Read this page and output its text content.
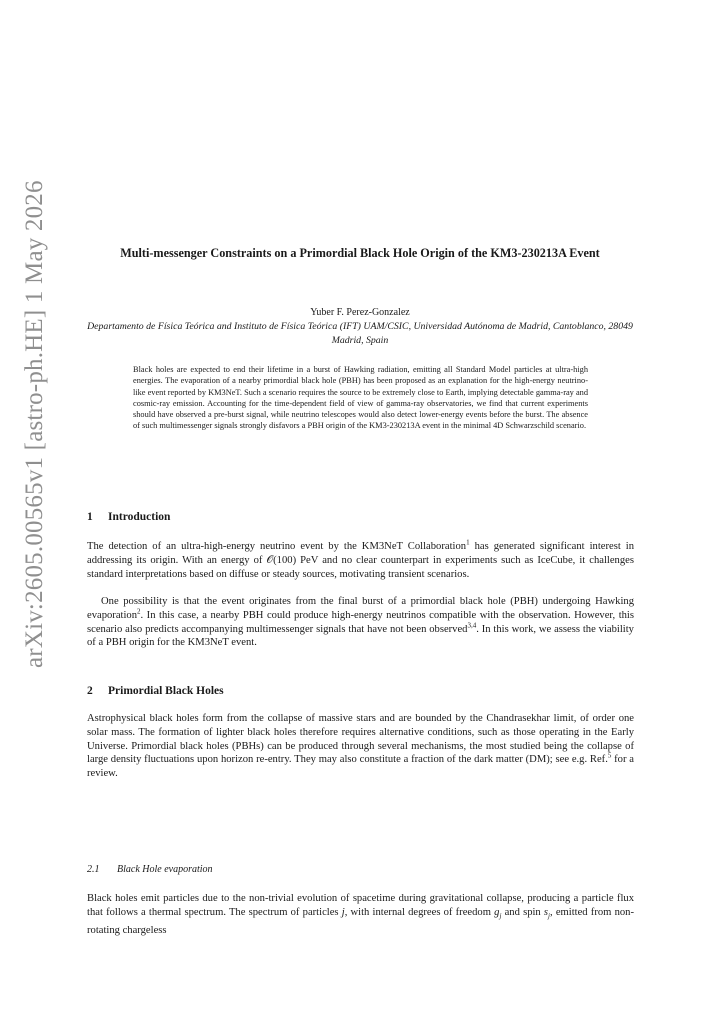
arXiv:2605.00565v1 [astro-ph.HE] 1 May 2026	Multi-messenger Constraints on a Primordial Black Hole Origin of the KM3-230213A Event
Yuber F. Perez-Gonzalez
Departamento de Física Teórica and Instituto de Física Teórica (IFT) UAM/CSIC, Universidad Autónoma de Madrid, Cantoblanco, 28049 Madrid, Spain
Black holes are expected to end their lifetime in a burst of Hawking radiation, emitting all Standard Model particles at ultra-high energies. The evaporation of a nearby primordial black hole (PBH) has been proposed as an explanation for the high-energy neutrino-like event reported by KM3NeT. Such a scenario requires the source to be extremely close to Earth, implying detectable gamma-ray and cosmic-ray emission. Accounting for the time-dependent field of view of gamma-ray observatories, we find that current experiments should have observed a pre-burst signal, while neutrino telescopes would also detect lower-energy events before the burst. The absence of such multimessenger signals strongly disfavors a PBH origin of the KM3-230213A event in the minimal 4D Schwarzschild scenario.
1 Introduction
The detection of an ultra-high-energy neutrino event by the KM3NeT Collaboration$^1$ has generated significant interest in addressing its origin. With an energy of 𝒪(100) PeV and no clear counterpart in experiments such as IceCube, it challenges standard interpretations based on diffuse or steady sources, motivating transient scenarios.
One possibility is that the event originates from the final burst of a primordial black hole (PBH) undergoing Hawking evaporation$^2$. In this case, a nearby PBH could produce high-energy neutrinos compatible with the observation. However, this scenario also predicts accompanying multimessenger signals that have not been observed$^{3,4}$. In this work, we assess the viability of a PBH origin for the KM3NeT event.
2 Primordial Black Holes
Astrophysical black holes form from the collapse of massive stars and are bounded by the Chandrasekhar limit, of order one solar mass. The formation of lighter black holes therefore requires alternative conditions, such as those operating in the Early Universe. Primordial black holes (PBHs) can be produced through several mechanisms, the most studied being the collapse of large density fluctuations upon horizon re-entry. They may also constitute a fraction of the dark matter (DM); see e.g. Ref.$^5$ for a review.
2.1 Black Hole evaporation
Black holes emit particles due to the non-trivial evolution of spacetime during gravitational collapse, producing a particle flux that follows a thermal spectrum. The spectrum of particles j, with internal degrees of freedom $g_j$ and spin $s_j$, emitted from non-rotating chargeless
